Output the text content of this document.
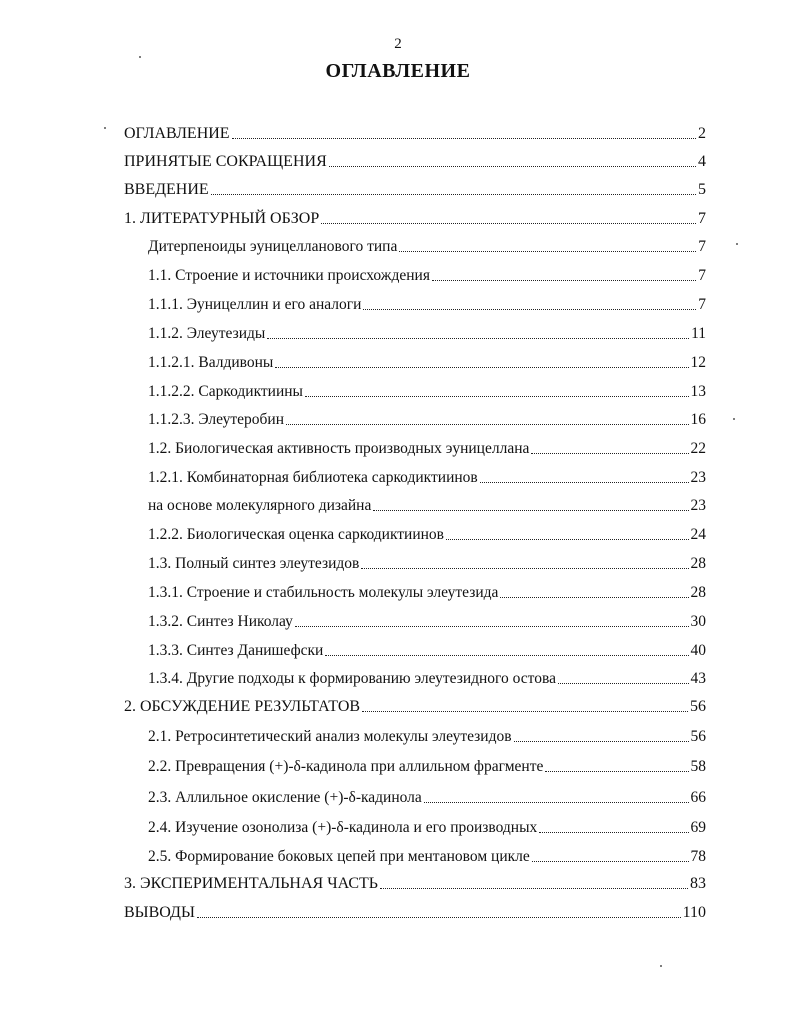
2
ОГЛАВЛЕНИЕ
ОГЛАВЛЕНИЕ	2
ПРИНЯТЫЕ СОКРАЩЕНИЯ	4
ВВЕДЕНИЕ	5
1. ЛИТЕРАТУРНЫЙ ОБЗОР	7
Дитерпеноиды эуницелланового типа	7
1.1. Строение и источники происхождения	7
1.1.1. Эуницеллин и его аналоги	7
1.1.2. Элеутезиды	11
1.1.2.1. Валдивоны	12
1.1.2.2. Саркодиктиины	13
1.1.2.3. Элеутеробин	16
1.2. Биологическая активность производных эуницеллана	22
1.2.1. Комбинаторная библиотека саркодиктиинов	23
на основе молекулярного дизайна	23
1.2.2. Биологическая оценка саркодиктиинов	24
1.3. Полный синтез элеутезидов	28
1.3.1. Строение и стабильность молекулы элеутезида	28
1.3.2. Синтез Николау	30
1.3.3. Синтез Данишефски	40
1.3.4. Другие подходы к формированию элеутезидного остова	43
2. ОБСУЖДЕНИЕ РЕЗУЛЬТАТОВ	56
2.1. Ретросинтетический анализ молекулы элеутезидов	56
2.2. Превращения (+)-δ-кадинола при аллильном фрагменте	58
2.3. Аллильное окисление (+)-δ-кадинола	66
2.4. Изучение озонолиза (+)-δ-кадинола и его производных	69
2.5. Формирование боковых цепей при ментановом цикле	78
3. ЭКСПЕРИМЕНТАЛЬНАЯ ЧАСТЬ	83
ВЫВОДЫ	110
